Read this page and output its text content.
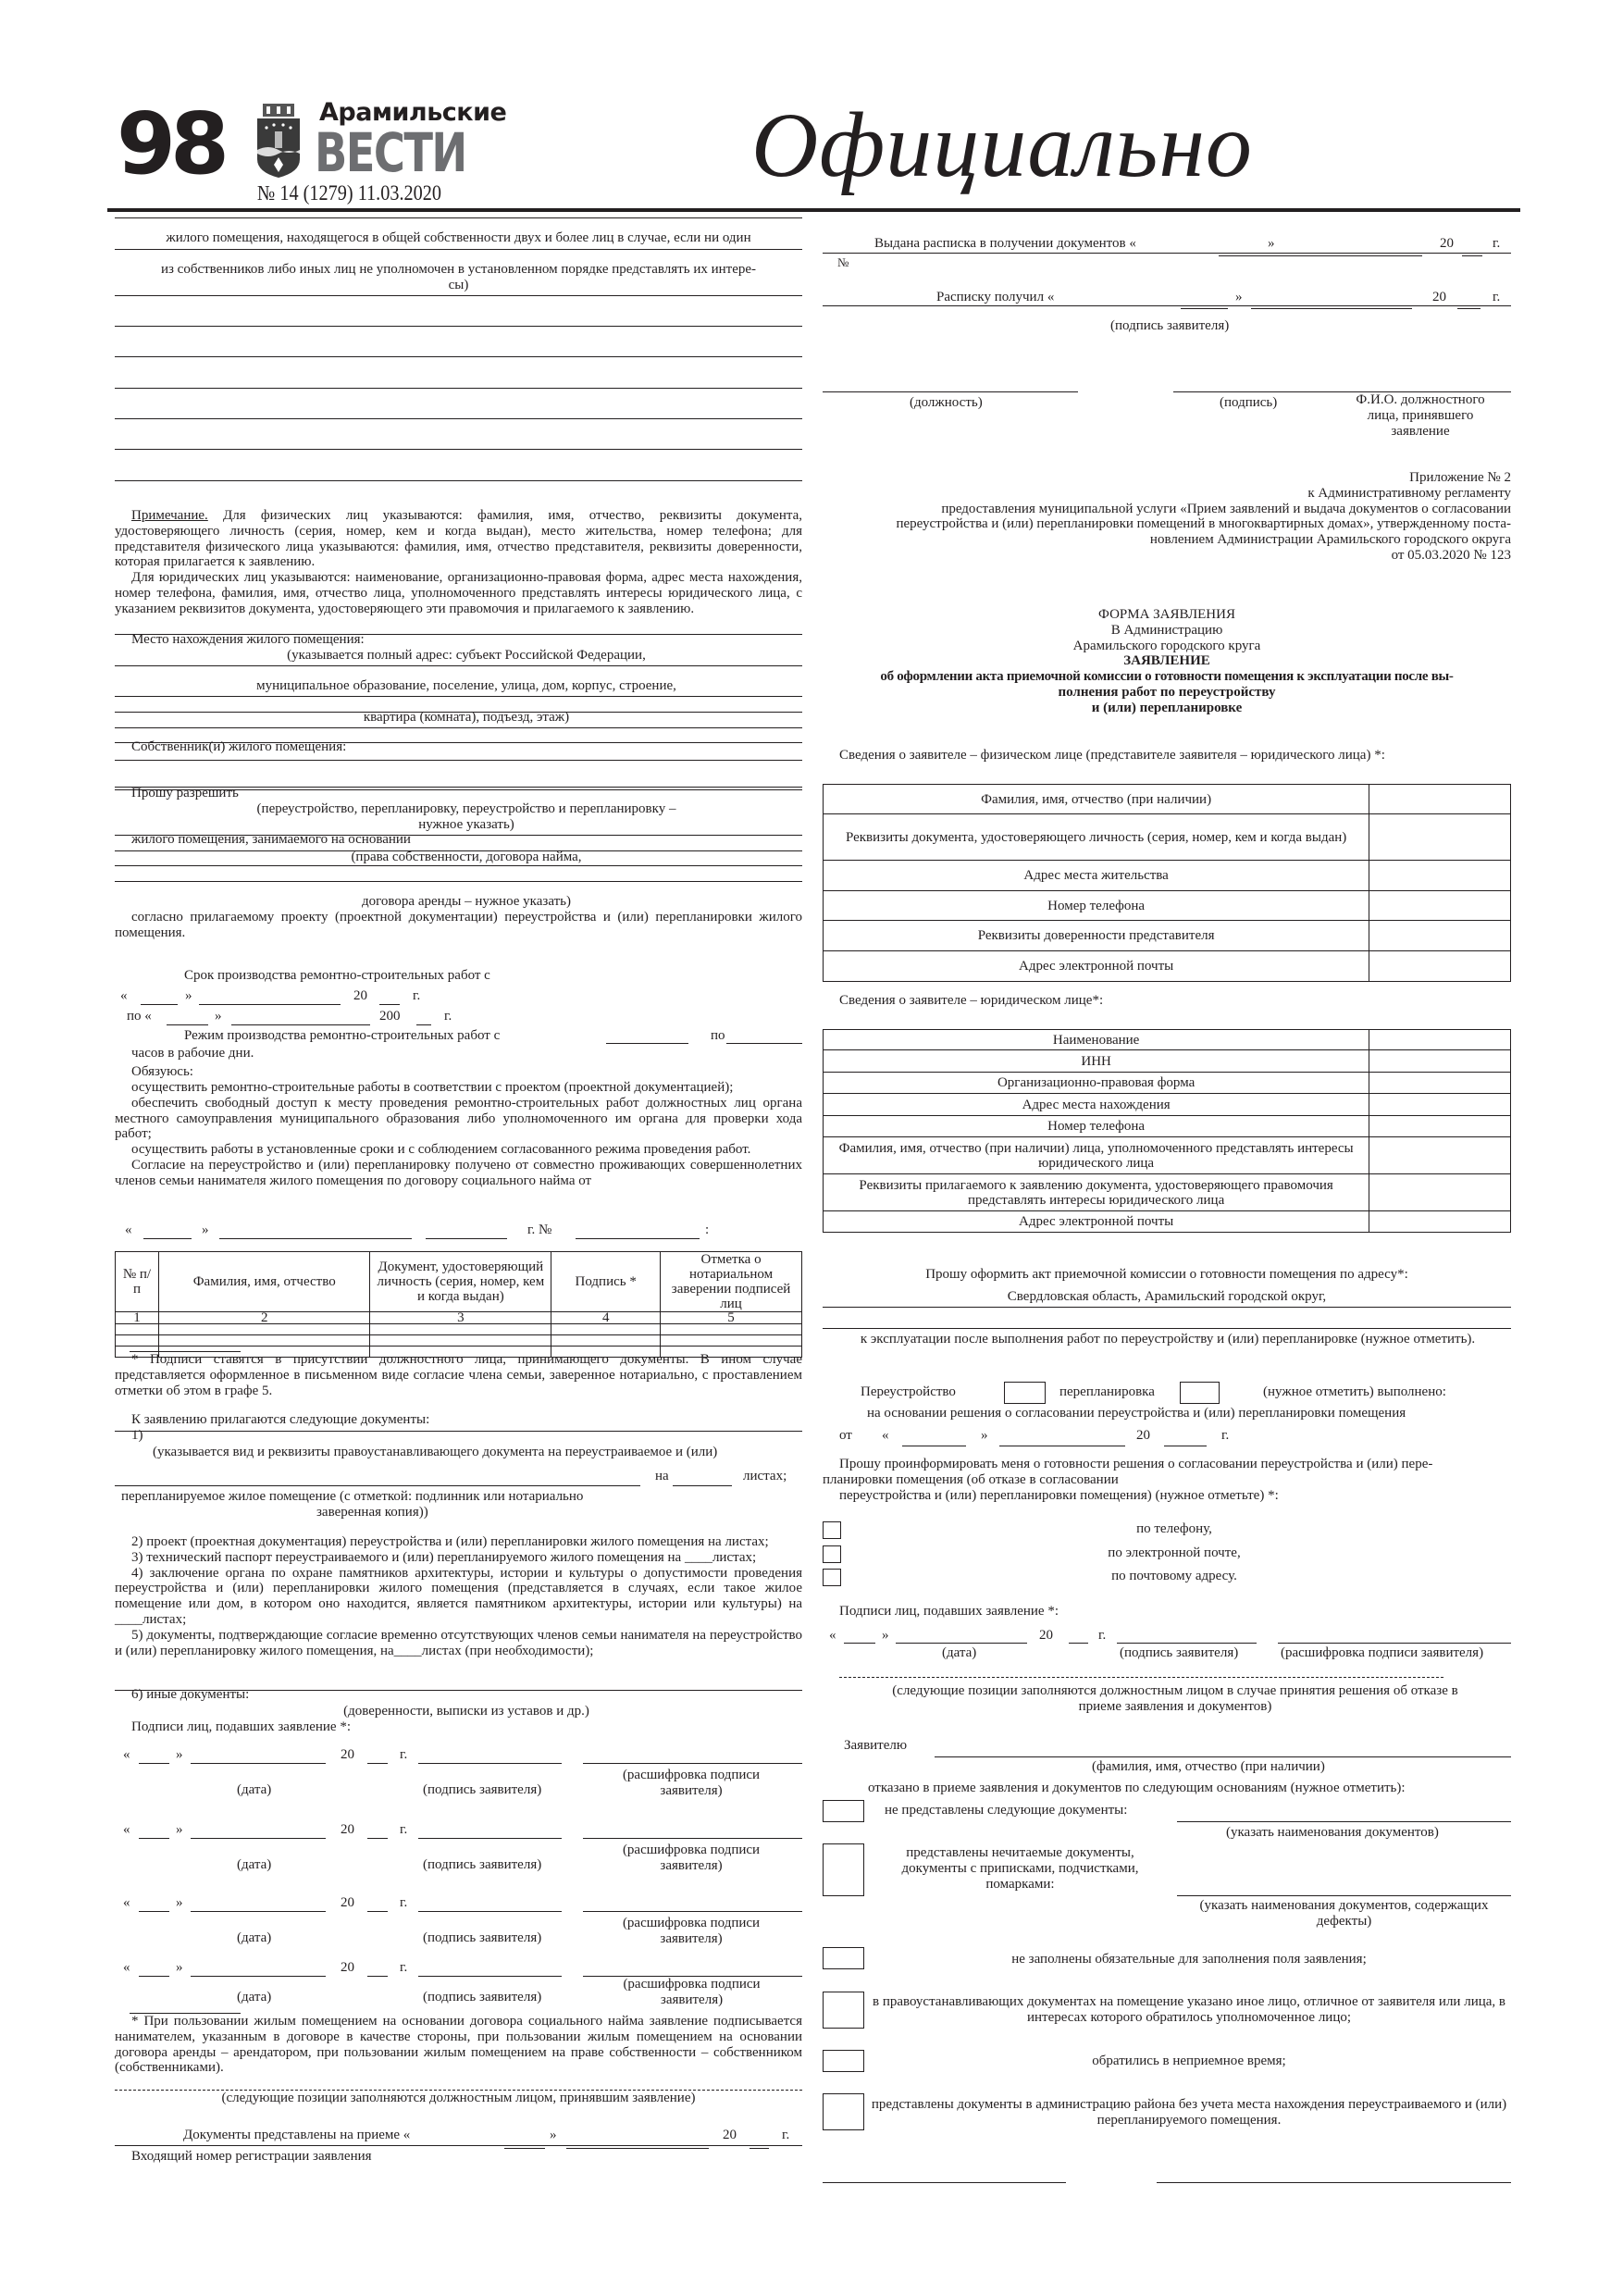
98	Арамильские
ВЕСТИ
№ 14 (1279) 11.03.2020	Официально
жилого помещения, находящегося в общей собственности двух и более лиц в случае, если ни один
из собственников либо иных лиц не уполномочен в установленном порядке представлять их интере-
сы)

Примечание. Для физических лиц указываются: фамилия, имя, отчество, реквизиты документа, удостоверяющего личность (серия, номер, кем и когда выдан), место жительства, номер телефона; для представителя физического лица указываются: фамилия, имя, отчество представителя, реквизиты доверенности, которая прилагается к заявлению.

Для юридических лиц указываются: наименование, организационно-правовая форма, адрес места нахождения, номер телефона, фамилия, имя, отчество лица, уполномоченного представлять интересы юридического лица, с указанием реквизитов документа, удостоверяющего эти правомочия и прилагаемого к заявлению.

Место нахождения жилого помещения:
(указывается полный адрес: субъект Российской Федерации,
муниципальное образование, поселение, улица, дом, корпус, строение,
квартира (комната), подъезд, этаж)
Собственник(и) жилого помещения:
Прошу разрешить
(переустройство, перепланировку, переустройство и перепланировку –
нужное указать)
жилого помещения, занимаемого на основании
(права собственности, договора найма,
договора аренды – нужное указать)

согласно прилагаемому проекту (проектной документации) переустройства и (или) перепланировки жилого помещения.

Срок производства ремонтно-строительных работ с
«	»	20	г.
по «	»	200	г.
Режим производства ремонтно-строительных работ с	по
часов в рабочие дни.
Обязуюсь:

осуществить ремонтно-строительные работы в соответствии с проектом (проектной документацией);

обеспечить свободный доступ к месту проведения ремонтно-строительных работ должностных лиц органа местного самоуправления муниципального образования либо уполномоченного им органа для проверки хода работ;

осуществить работы в установленные сроки и с соблюдением согласованного режима проведения работ.

Согласие на переустройство и (или) перепланировку получено от совместно проживающих совершеннолетних членов семьи нанимателя жилого помещения по договору социального найма от

«	»	г. №	:
№ п/п	Фамилия, имя, отчество	Документ, удостоверяющий личность (серия, номер, кем и когда выдан)	Подпись *	Отметка о нотариальном заверении подписей лиц
1	2	3	4	5

* Подписи ставятся в присутствии должностного лица, принимающего документы. В ином случае представляется оформленное в письменном виде согласие члена семьи, заверенное нотариально, с проставлением отметки об этом в графе 5.

К заявлению прилагаются следующие документы:
1)
(указывается вид и реквизиты правоустанавливающего документа на переустраиваемое и (или)
на	листах;
перепланируемое жилое помещение (с отметкой: подлинник или нотариально
заверенная копия))

2) проект (проектная документация) переустройства и (или) перепланировки жилого помещения на листах;

3) технический паспорт переустраиваемого и (или) перепланируемого жилого помещения на ____листах;

4) заключение органа по охране памятников архитектуры, истории и культуры о допустимости проведения переустройства и (или) перепланировки жилого помещения (представляется в случаях, если такое жилое помещение или дом, в котором оно находится, является памятником архитектуры, истории или культуры) на ____листах;

5) документы, подтверждающие согласие временно отсутствующих членов семьи нанимателя на переустройство и (или) перепланировку жилого помещения, на____листах (при необходимости);

6) иные документы:
(доверенности, выписки из уставов и др.)
Подписи лиц, подавших заявление *:
«	»	20	г.
(дата)	(подпись заявителя)
(расшифровка подписи заявителя)
«	»	20	г.
(дата)	(подпись заявителя)
(расшифровка подписи заявителя)
«	»	20	г.
(дата)	(подпись заявителя)
(расшифровка подписи заявителя)
«	»	20	г.
(дата)	(подпись заявителя)
(расшифровка подписи заявителя)

* При пользовании жилым помещением на основании договора социального найма заявление подписывается нанимателем, указанным в договоре в качестве стороны, при пользовании жилым помещением на основании договора аренды – арендатором, при пользовании жилым помещением на праве собственности – собственником (собственниками).

(следующие позиции заполняются должностным лицом, принявшим заявление)
Документы представлены на приеме «	»	20	г.
Входящий номер регистрации заявления
Выдана расписка в получении документов «	»	20	г.
№
Расписку получил «	»	20	г.
(подпись заявителя)
(должность)	(подпись)	Ф.И.О. должностного лица, принявшего заявление
Приложение № 2
к Административному регламенту
предоставления муниципальной услуги «Прием заявлений и выдача документов о согласовании
переустройства и (или) перепланировки помещений в многоквартирных домах», утвержденному поста-
новлением Администрации Арамильского городского округа
от 05.03.2020 № 123
ФОРМА ЗАЯВЛЕНИЯ
В Администрацию
Арамильского городского круга
ЗАЯВЛЕНИЕ
об оформлении акта приемочной комиссии о готовности помещения к эксплуатации после вы-
полнения работ по переустройству
и (или) перепланировке
Сведения о заявителе – физическом лице (представителе заявителя – юридического лица) *:
Фамилия, имя, отчество (при наличии)	
Реквизиты документа, удостоверяющего личность (серия, номер, кем и когда выдан)	
Адрес места жительства	
Номер телефона	
Реквизиты доверенности представителя	
Адрес электронной почты	
Сведения о заявителе – юридическом лице*:
Наименование	
ИНН	
Организационно-правовая форма	
Адрес места нахождения	
Номер телефона	
Фамилия, имя, отчество (при наличии) лица, уполномоченного представлять интересы юридического лица	
Реквизиты прилагаемого к заявлению документа, удостоверяющего правомочия представлять интересы юридического лица	
Адрес электронной почты	
Прошу оформить акт приемочной комиссии о готовности помещения по адресу*:
Свердловская область, Арамильский городской округ,
к эксплуатации после выполнения работ по переустройству и (или) перепланировке (нужное отметить).
Переустройство	перепланировка	(нужное отметить) выполнено:
на основании решения о согласовании переустройства и (или) перепланировки помещения
от «	»	20	г.
Прошу проинформировать меня о готовности решения о согласовании переустройства и (или) пере-
планировки помещения (об отказе в согласовании
переустройства и (или) перепланировки помещения) (нужное отметьте) *:
по телефону,
по электронной почте,
по почтовому адресу.
Подписи лиц, подавших заявление *:
«	»	20	г.
(дата)	(подпись заявителя)	(расшифровка подписи заявителя)
(следующие позиции заполняются должностным лицом в случае принятия решения об отказе в приеме заявления и документов)
Заявителю
(фамилия, имя, отчество (при наличии)
отказано в приеме заявления и документов по следующим основаниям (нужное отметить):
не представлены следующие документы:
(указать наименования документов)
представлены нечитаемые документы, документы с приписками, подчистками, помарками:
(указать наименования документов, содержащих дефекты)
не заполнены обязательные для заполнения поля заявления;
в правоустанавливающих документах на помещение указано иное лицо, отличное от заявителя или лица, в интересах которого обратилось уполномоченное лицо;
обратились в неприемное время;
представлены документы в администрацию района без учета места нахождения переустраиваемого и (или) перепланируемого помещения.
